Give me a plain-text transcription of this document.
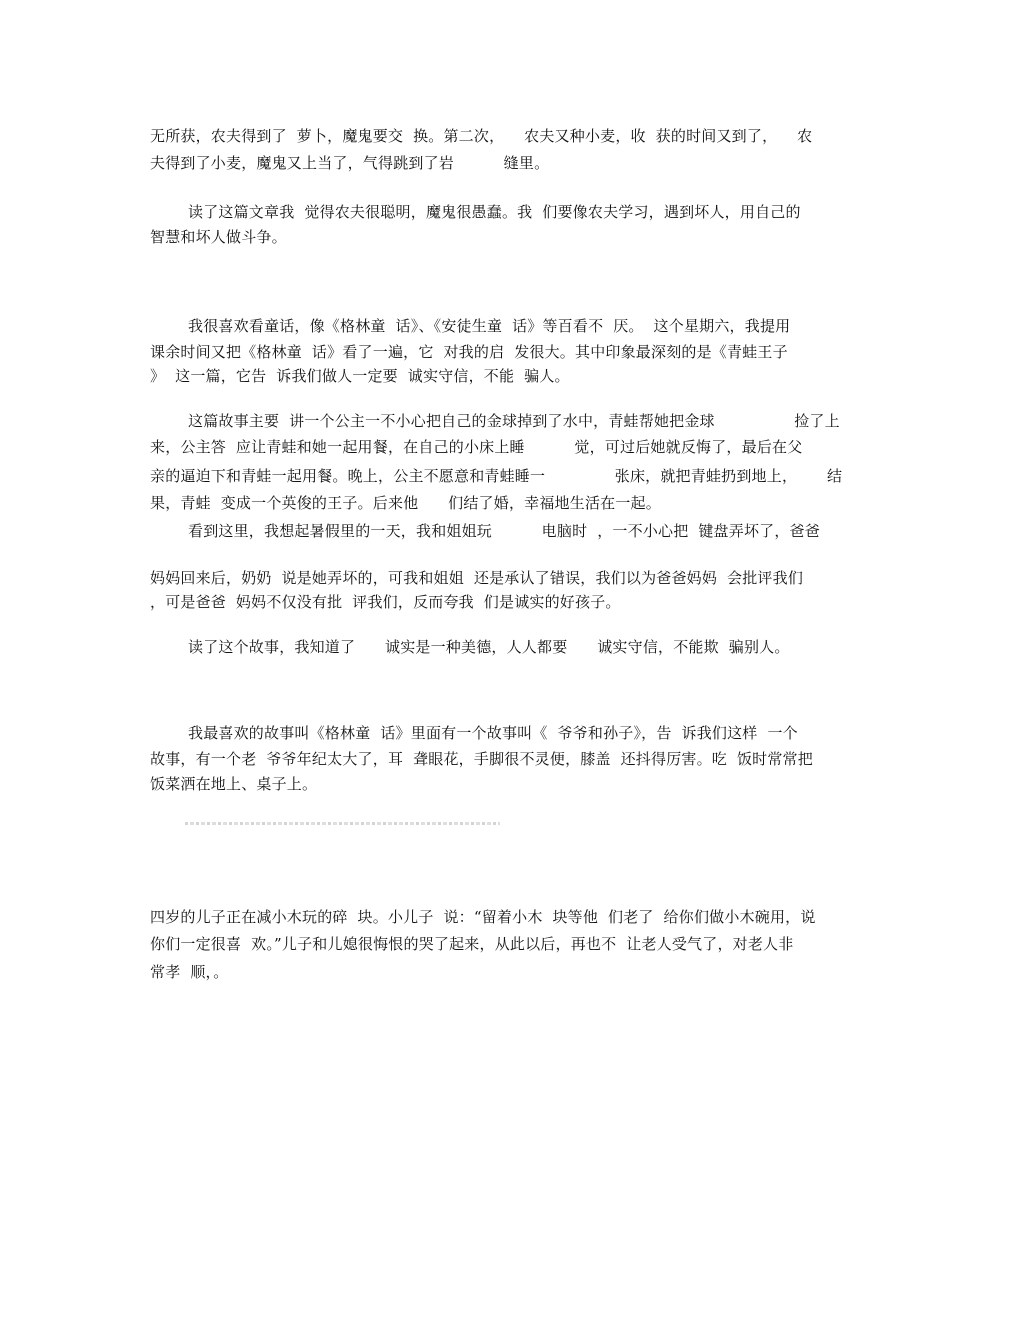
无所获，农夫得到了  萝卜，魔鬼要交  换。第二次，    农夫又种小麦，收  获的时间又到了，    农
夫得到了小麦，魔鬼又上当了，气得跳到了岩          缝里。
读了这篇文章我  觉得农夫很聪明，魔鬼很愚蠢。我  们要像农夫学习，遇到坏人，用自己的
智慧和坏人做斗争。
我很喜欢看童话，像《格林童  话》、《安徒生童  话》等百看不  厌。  这个星期六，我提用
课余时间又把《格林童  话》看了一遍，它  对我的启  发很大。其中印象最深刻的是《青蛙王子
》  这一篇，它告  诉我们做人一定要  诚实守信，不能  骗人。
这篇故事主要  讲一个公主一不小心把自己的金球掉到了水中，青蛙帮她把金球                捡了上
来，公主答  应让青蛙和她一起用餐，在自己的小床上睡          觉，可过后她就反悔了，最后在父
亲的逼迫下和青蛙一起用餐。晚上，公主不愿意和青蛙睡一              张床，就把青蛙扔到地上，      结
果，青蛙  变成一个英俊的王子。后来他      们结了婚，幸福地生活在一起。
看到这里，我想起暑假里的一天，我和姐姐玩          电脑时  ，一不小心把  键盘弄坏了，爸爸
妈妈回来后，奶奶  说是她弄坏的，可我和姐姐  还是承认了错误，我们以为爸爸妈妈  会批评我们
，可是爸爸  妈妈不仅没有批  评我们，反而夸我  们是诚实的好孩子。
读了这个故事，我知道了      诚实是一种美德，人人都要      诚实守信，不能欺  骗别人。
我最喜欢的故事叫《格林童  话》里面有一个故事叫《  爷爷和孙子》，告  诉我们这样  一个
故事，有一个老  爷爷年纪太大了，耳  聋眼花，手脚很不灵便，膝盖  还抖得厉害。吃  饭时常常把
饭菜洒在地上、桌子上。
四岁的儿子正在减小木玩的碎  块。小儿子  说：“留着小木  块等他  们老了  给你们做小木碗用，说
你们一定很喜  欢。”儿子和儿媳很悔恨的哭了起来，从此以后，再也不  让老人受气了，对老人非
常孝  顺，。
